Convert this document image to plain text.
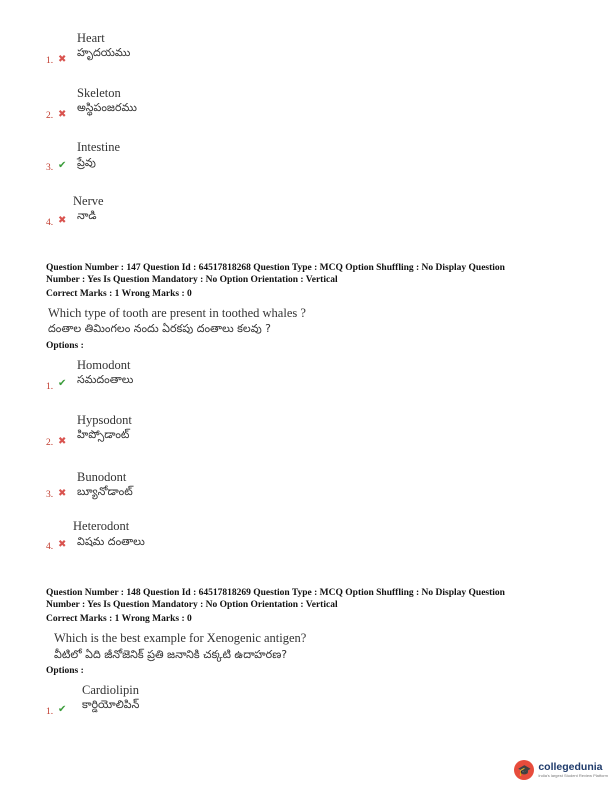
Heart
హృదయము
1. ✖
Skeleton
అస్థిపంజరము
2. ✖
Intestine
ప్రేవు
3. ✔
Nerve
నాడి
4. ✖
Question Number : 147 Question Id : 64517818268 Question Type : MCQ Option Shuffling : No Display Question
Number : Yes Is Question Mandatory : No Option Orientation : Vertical
Correct Marks : 1 Wrong Marks : 0
Which type of tooth are present in toothed whales ?
దంతాల తిమింగలం నందు ఏరకపు దంతాలు కలవు ?
Options :
Homodont
సమదంతాలు
1. ✔
Hypsodont
హిప్సోడాంట్
2. ✖
Bunodont
బ్యూనోడాంట్
3. ✖
Heterodont
విషమ దంతాలు
4. ✖
Question Number : 148 Question Id : 64517818269 Question Type : MCQ Option Shuffling : No Display Question
Number : Yes Is Question Mandatory : No Option Orientation : Vertical
Correct Marks : 1 Wrong Marks : 0
Which is the best example for Xenogenic antigen?
వీటిలో ఏది జీనోజెనిక్ ప్రతి జనానికి చక్కటి ఉదాహరణ?
Options :
Cardiolipin
కార్డియోలిపిన్
1. ✔
🎓 collegedunia
India's largest Student Review Platform
